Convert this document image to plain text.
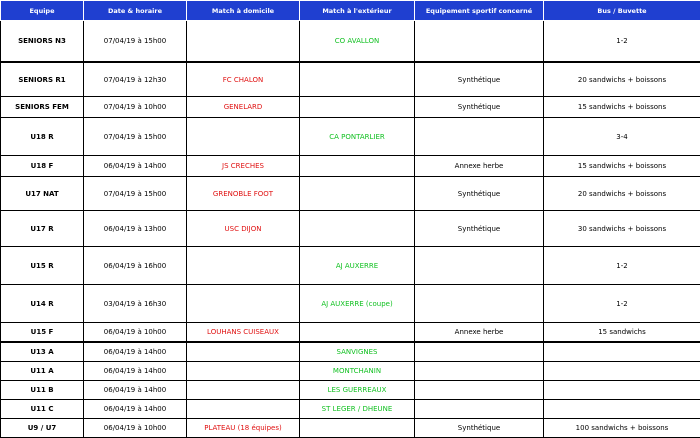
Equipe	Date & horaire	Match à domicile	Match à l'extérieur	Equipement sportif concerné	Bus / Buvette
SENIORS N3	07/04/19 à 15h00		CO AVALLON		1-2
SENIORS R1	07/04/19 à 12h30	FC CHALON		Synthétique	20 sandwichs + boissons
SENIORS FEM	07/04/19 à 10h00	GENELARD		Synthétique	15 sandwichs + boissons
U18 R	07/04/19 à 15h00		CA PONTARLIER		3-4
U18 F	06/04/19 à 14h00	JS CRECHES		Annexe herbe	15 sandwichs + boissons
U17 NAT	07/04/19 à 15h00	GRENOBLE FOOT		Synthétique	20 sandwichs + boissons
U17 R	06/04/19 à 13h00	USC DIJON		Synthétique	30 sandwichs + boissons
U15 R	06/04/19 à 16h00		AJ AUXERRE		1-2
U14 R	03/04/19 à 16h30		AJ AUXERRE (coupe)		1-2
U15 F	06/04/19 à 10h00	LOUHANS CUISEAUX		Annexe herbe	15 sandwichs
U13 A	06/04/19 à 14h00		SANVIGNES		
U11 A	06/04/19 à 14h00		MONTCHANIN		
U11 B	06/04/19 à 14h00		LES GUERREAUX		
U11 C	06/04/19 à 14h00		ST LEGER / DHEUNE		
U9 / U7	06/04/19 à 10h00	PLATEAU (18 équipes)		Synthétique	100 sandwichs + boissons
